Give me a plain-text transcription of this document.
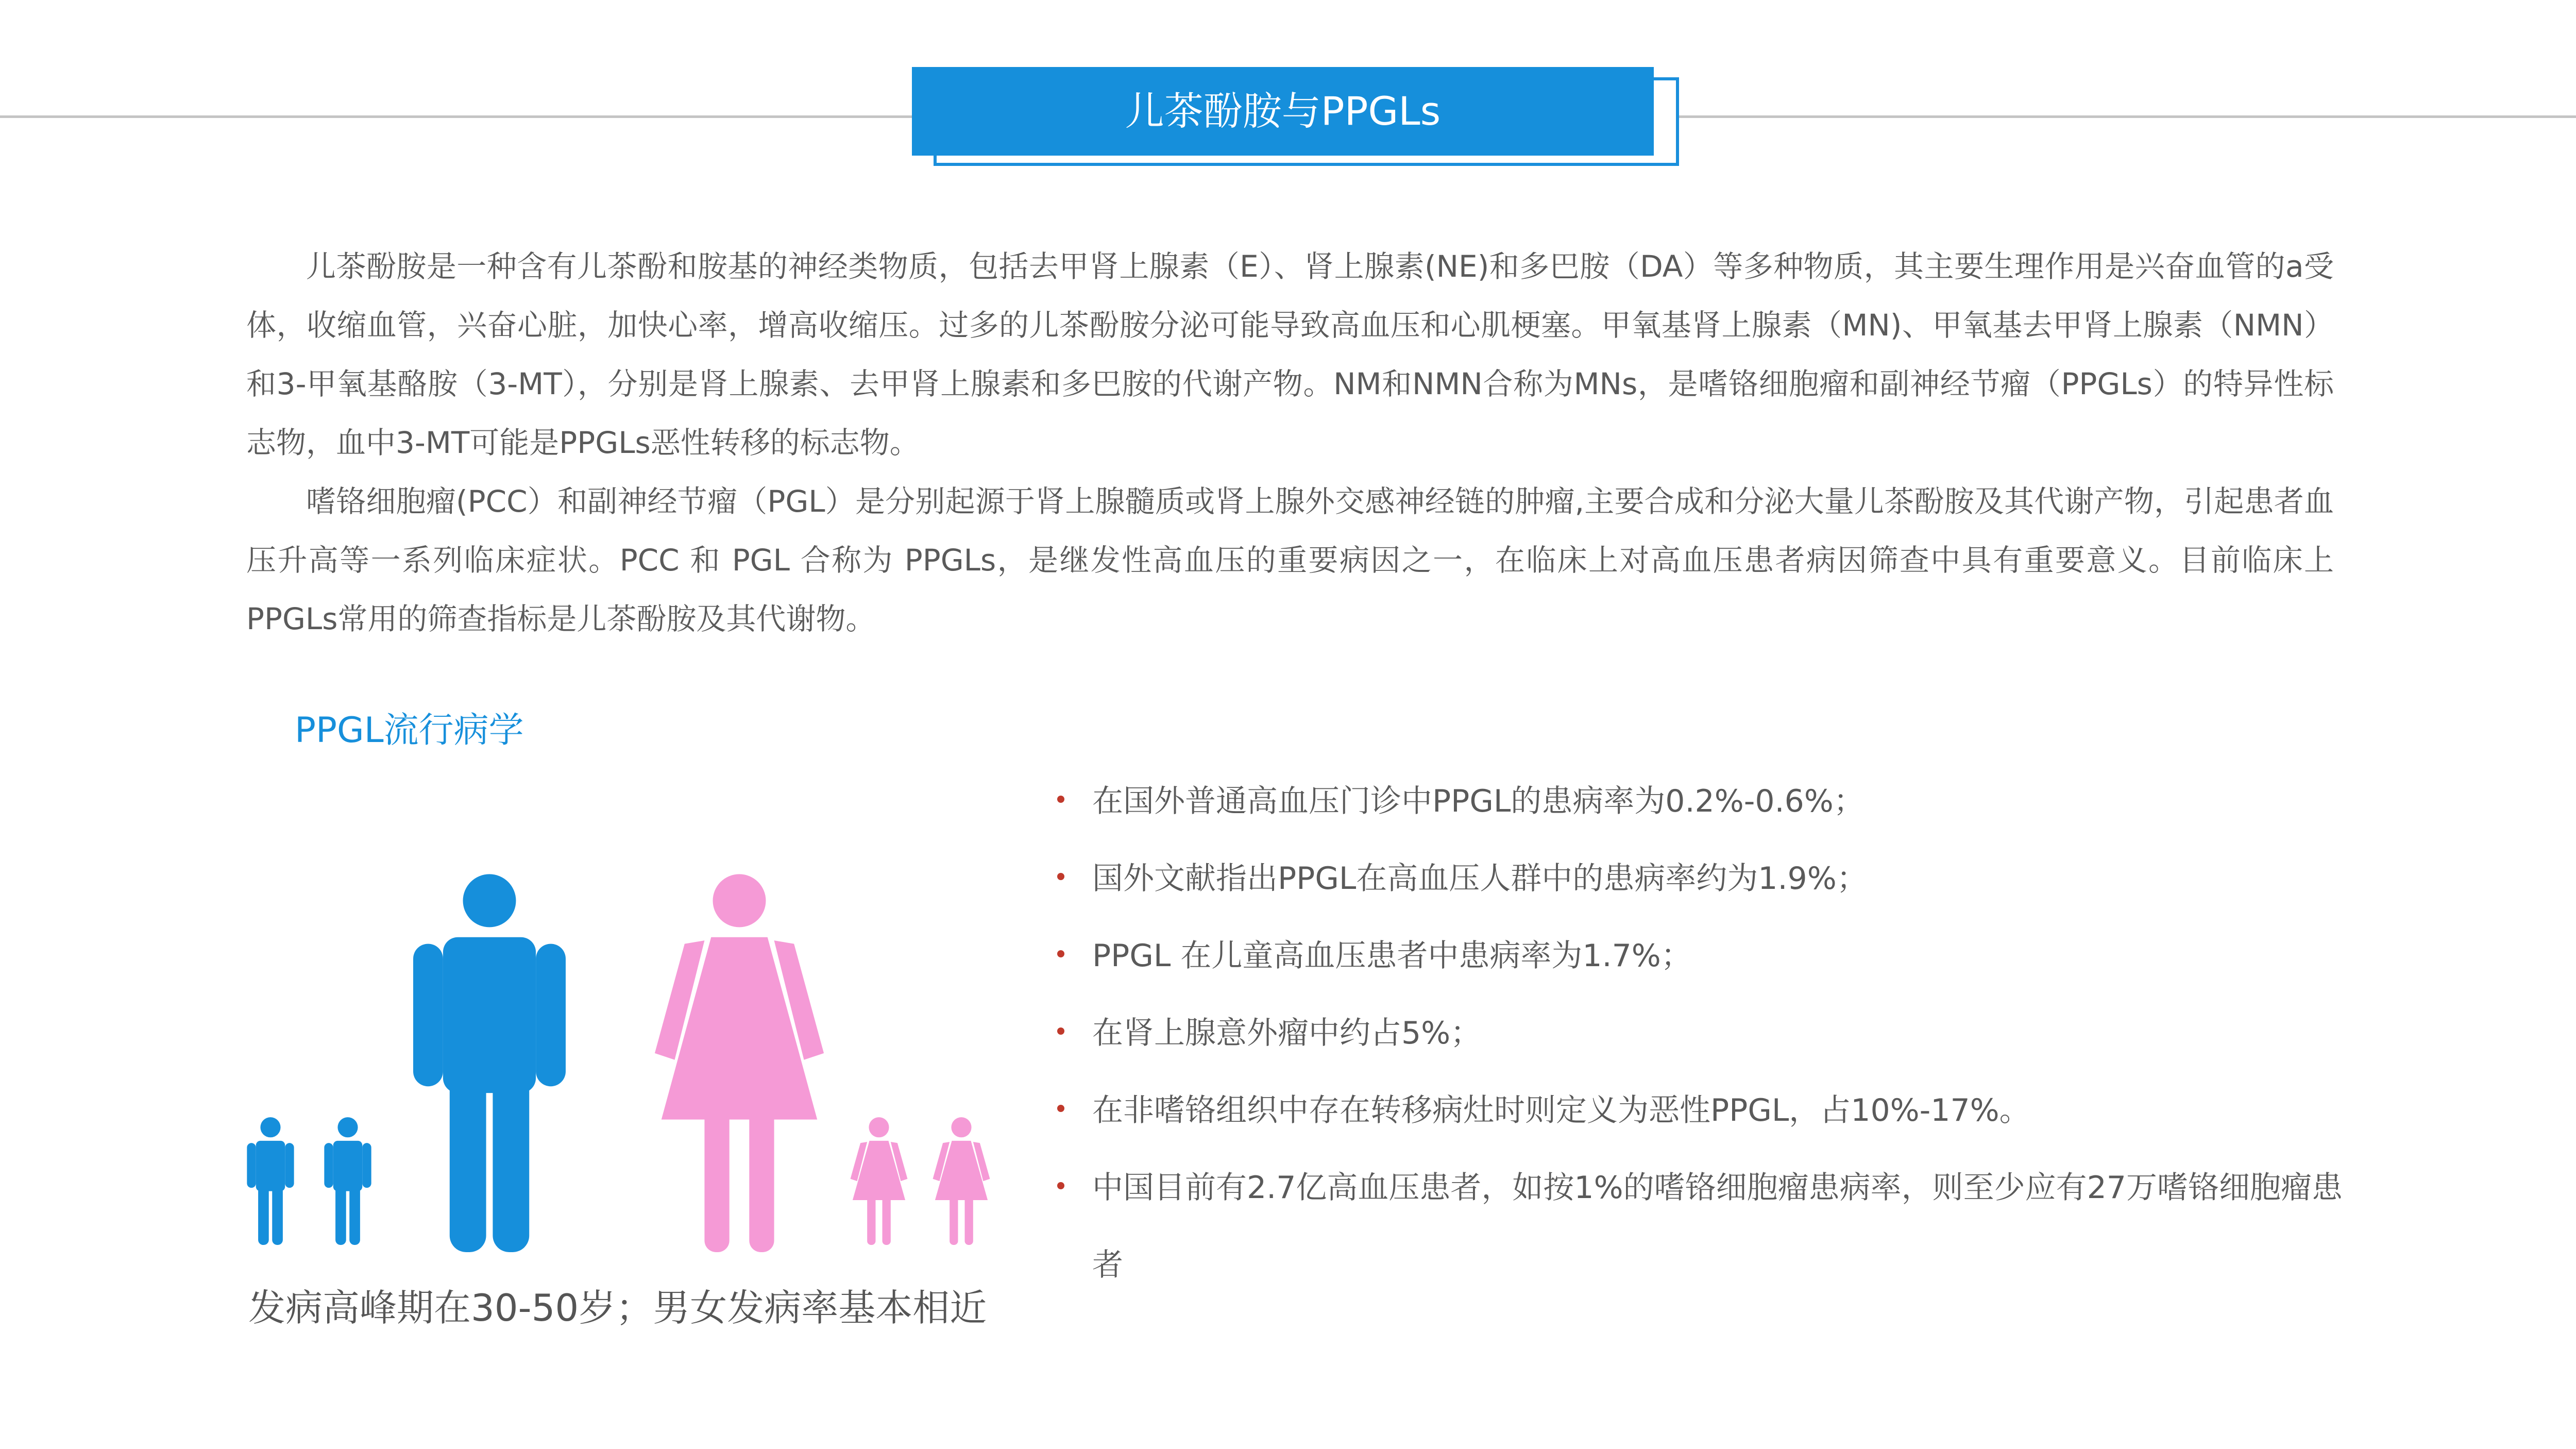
儿茶酚胺与PPGLs

儿茶酚胺是一种含有儿茶酚和胺基的神经类物质，包括去甲肾上腺素（E）、肾上腺素(NE)和多巴胺（DA）等多种物质，其主要生理作用是兴奋血管的a受体，收缩血管，兴奋心脏，加快心率，增高收缩压。过多的儿茶酚胺分泌可能导致高血压和心肌梗塞。甲氧基肾上腺素（MN)、甲氧基去甲肾上腺素（NMN）和3-甲氧基酪胺（3-MT），分别是肾上腺素、去甲肾上腺素和多巴胺的代谢产物。NM和NMN合称为MNs，是嗜铬细胞瘤和副神经节瘤（PPGLs）的特异性标志物，血中3-MT可能是PPGLs恶性转移的标志物。

嗜铬细胞瘤(PCC）和副神经节瘤（PGL）是分别起源于肾上腺髓质或肾上腺外交感神经链的肿瘤,主要合成和分泌大量儿茶酚胺及其代谢产物，引起患者血压升高等一系列临床症状。PCC 和 PGL 合称为 PPGLs，是继发性高血压的重要病因之一，在临床上对高血压患者病因筛查中具有重要意义。目前临床上PPGLs常用的筛查指标是儿茶酚胺及其代谢物。

PPGL流行病学
发病高峰期在30-50岁；男女发病率基本相近
在国外普通高血压门诊中PPGL的患病率为0.2%-0.6%；
国外文献指出PPGL在高血压人群中的患病率约为1.9%；
PPGL 在儿童高血压患者中患病率为1.7%；
在肾上腺意外瘤中约占5%；
在非嗜铬组织中存在转移病灶时则定义为恶性PPGL，占10%-17%。
中国目前有2.7亿高血压患者，如按1%的嗜铬细胞瘤患病率，则至少应有27万嗜铬细胞瘤患者
